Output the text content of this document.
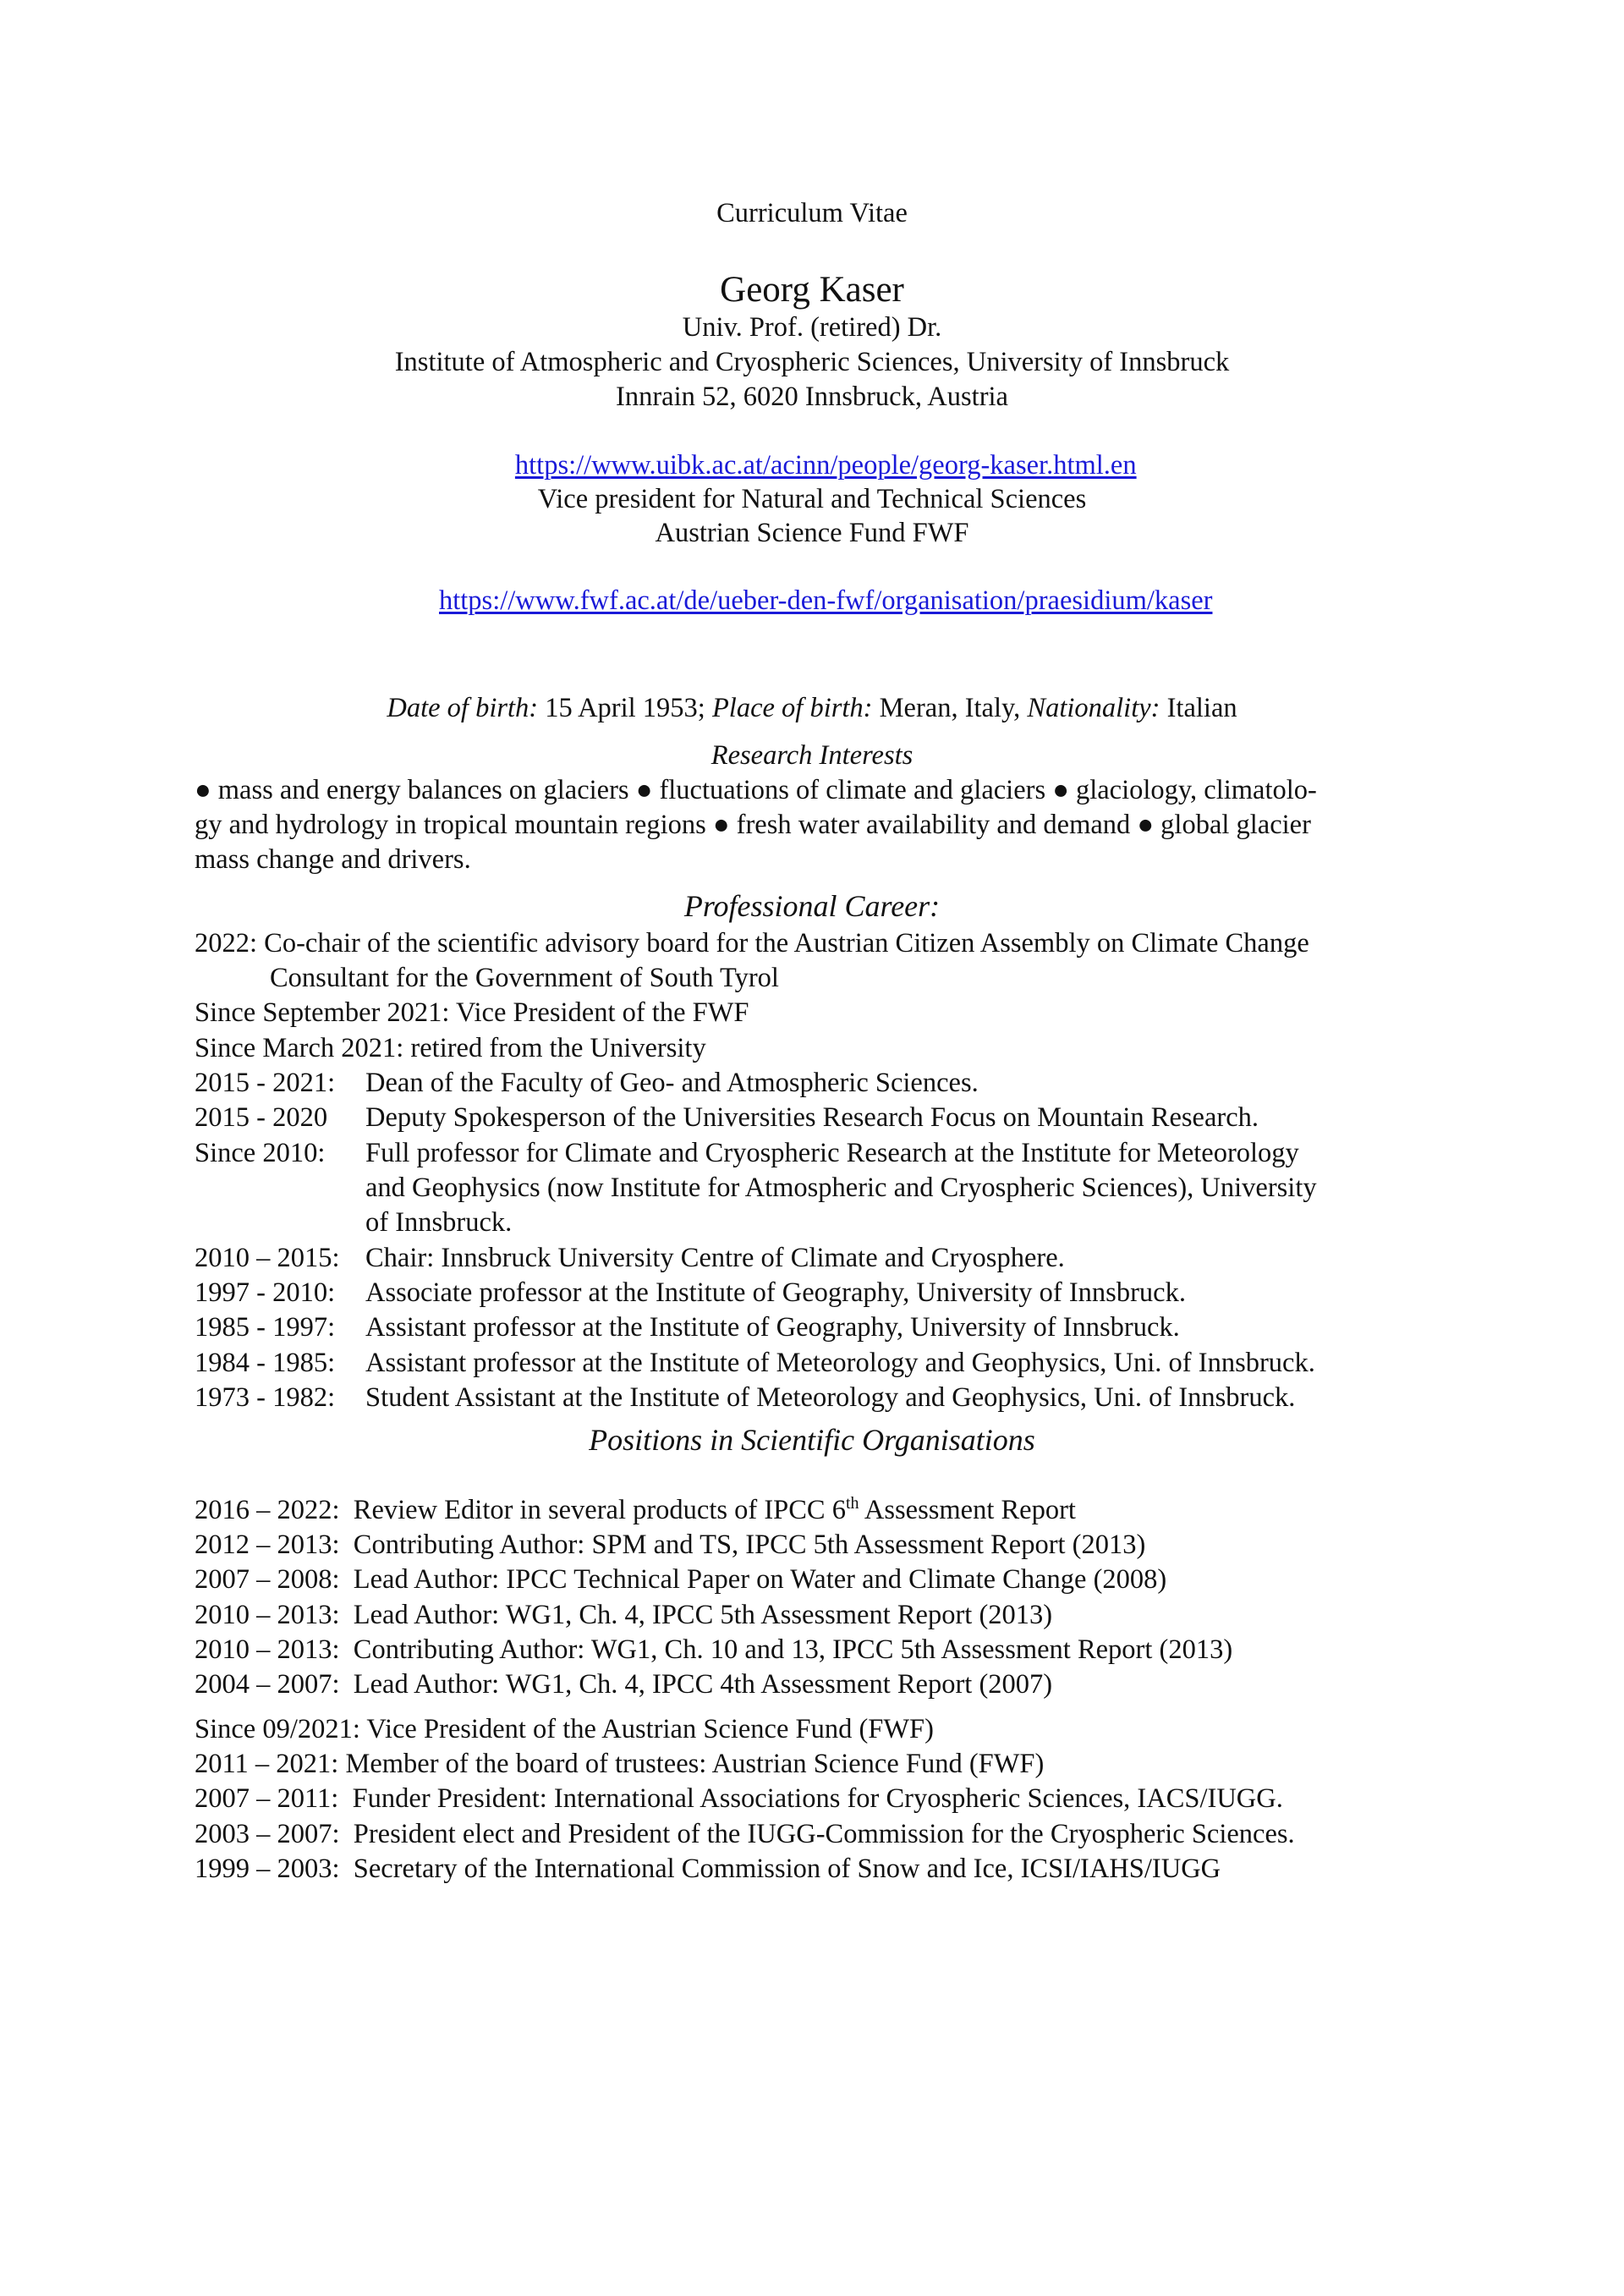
Curriculum Vitae
Georg Kaser
Univ. Prof. (retired) Dr.
Institute of Atmospheric and Cryospheric Sciences, University of Innsbruck
Innrain 52, 6020 Innsbruck, Austria

https://www.uibk.ac.at/acinn/people/georg-kaser.html.en

Vice president for Natural and Technical Sciences
Austrian Science Fund FWF

https://www.fwf.ac.at/de/ueber-den-fwf/organisation/praesidium/kaser

Date of birth: 15 April 1953; Place of birth: Meran, Italy, Nationality: Italian
Research Interests
● mass and energy balances on glaciers ● fluctuations of climate and glaciers ● glaciology, climatolo-
gy and hydrology in tropical mountain regions ● fresh water availability and demand ● global glacier
mass change and drivers.
Professional Career:
2022: Co-chair of the scientific advisory board for the Austrian Citizen Assembly on Climate Change
Consultant for the Government of South Tyrol
Since September 2021: Vice President of the FWF
Since March 2021: retired from the University
2015 - 2021: Dean of the Faculty of Geo- and Atmospheric Sciences.
2015 - 2020 Deputy Spokesperson of the Universities Research Focus on Mountain Research.
Since 2010: Full professor for Climate and Cryospheric Research at the Institute for Meteorology
and Geophysics (now Institute for Atmospheric and Cryospheric Sciences), University
of Innsbruck.
2010 – 2015: Chair: Innsbruck University Centre of Climate and Cryosphere.
1997 - 2010: Associate professor at the Institute of Geography, University of Innsbruck.
1985 - 1997: Assistant professor at the Institute of Geography, University of Innsbruck.
1984 - 1985: Assistant professor at the Institute of Meteorology and Geophysics, Uni. of Innsbruck.
1973 - 1982: Student Assistant at the Institute of Meteorology and Geophysics, Uni. of Innsbruck.
Positions in Scientific Organisations
2016 – 2022:  Review Editor in several products of IPCC 6th Assessment Report
2012 – 2013:  Contributing Author: SPM and TS, IPCC 5th Assessment Report (2013)
2007 – 2008:  Lead Author: IPCC Technical Paper on Water and Climate Change (2008)
2010 – 2013:  Lead Author: WG1, Ch. 4, IPCC 5th Assessment Report (2013)
2010 – 2013:  Contributing Author: WG1, Ch. 10 and 13, IPCC 5th Assessment Report (2013)
2004 – 2007:  Lead Author: WG1, Ch. 4, IPCC 4th Assessment Report (2007)
Since 09/2021: Vice President of the Austrian Science Fund (FWF)
2011 – 2021: Member of the board of trustees: Austrian Science Fund (FWF)
2007 – 2011:  Funder President: International Associations for Cryospheric Sciences, IACS/IUGG.
2003 – 2007:  President elect and President of the IUGG-Commission for the Cryospheric Sciences.
1999 – 2003:  Secretary of the International Commission of Snow and Ice, ICSI/IAHS/IUGG
